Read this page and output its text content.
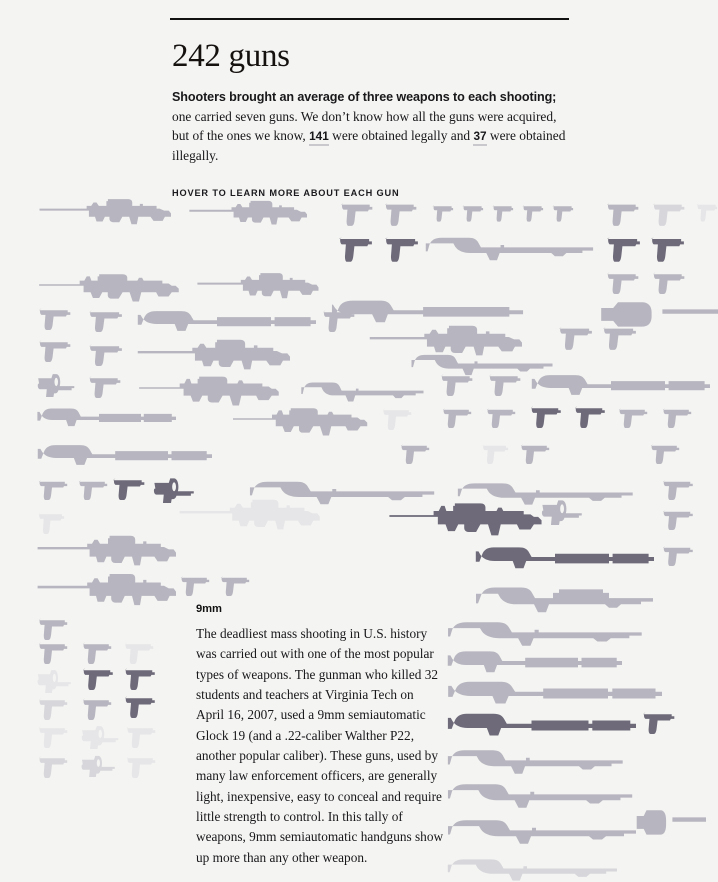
242 guns

Shooters brought an average of three weapons to each shooting; one carried seven guns. We don’t know how all the guns were acquired, but of the ones we know, 141 were obtained legally and 37 were obtained illegally.

HOVER TO LEARN MORE ABOUT EACH GUN
9mm

The deadliest mass shooting in U.S. history was carried out with one of the most popular types of weapons. The gunman who killed 32 students and teachers at Virginia Tech on April 16, 2007, used a 9mm semiautomatic Glock 19 (and a .22-caliber Walther P22, another popular caliber). These guns, used by many law enforcement officers, are generally light, inexpensive, easy to conceal and require little strength to control. In this tally of weapons, 9mm semiautomatic handguns show up more than any other weapon.
